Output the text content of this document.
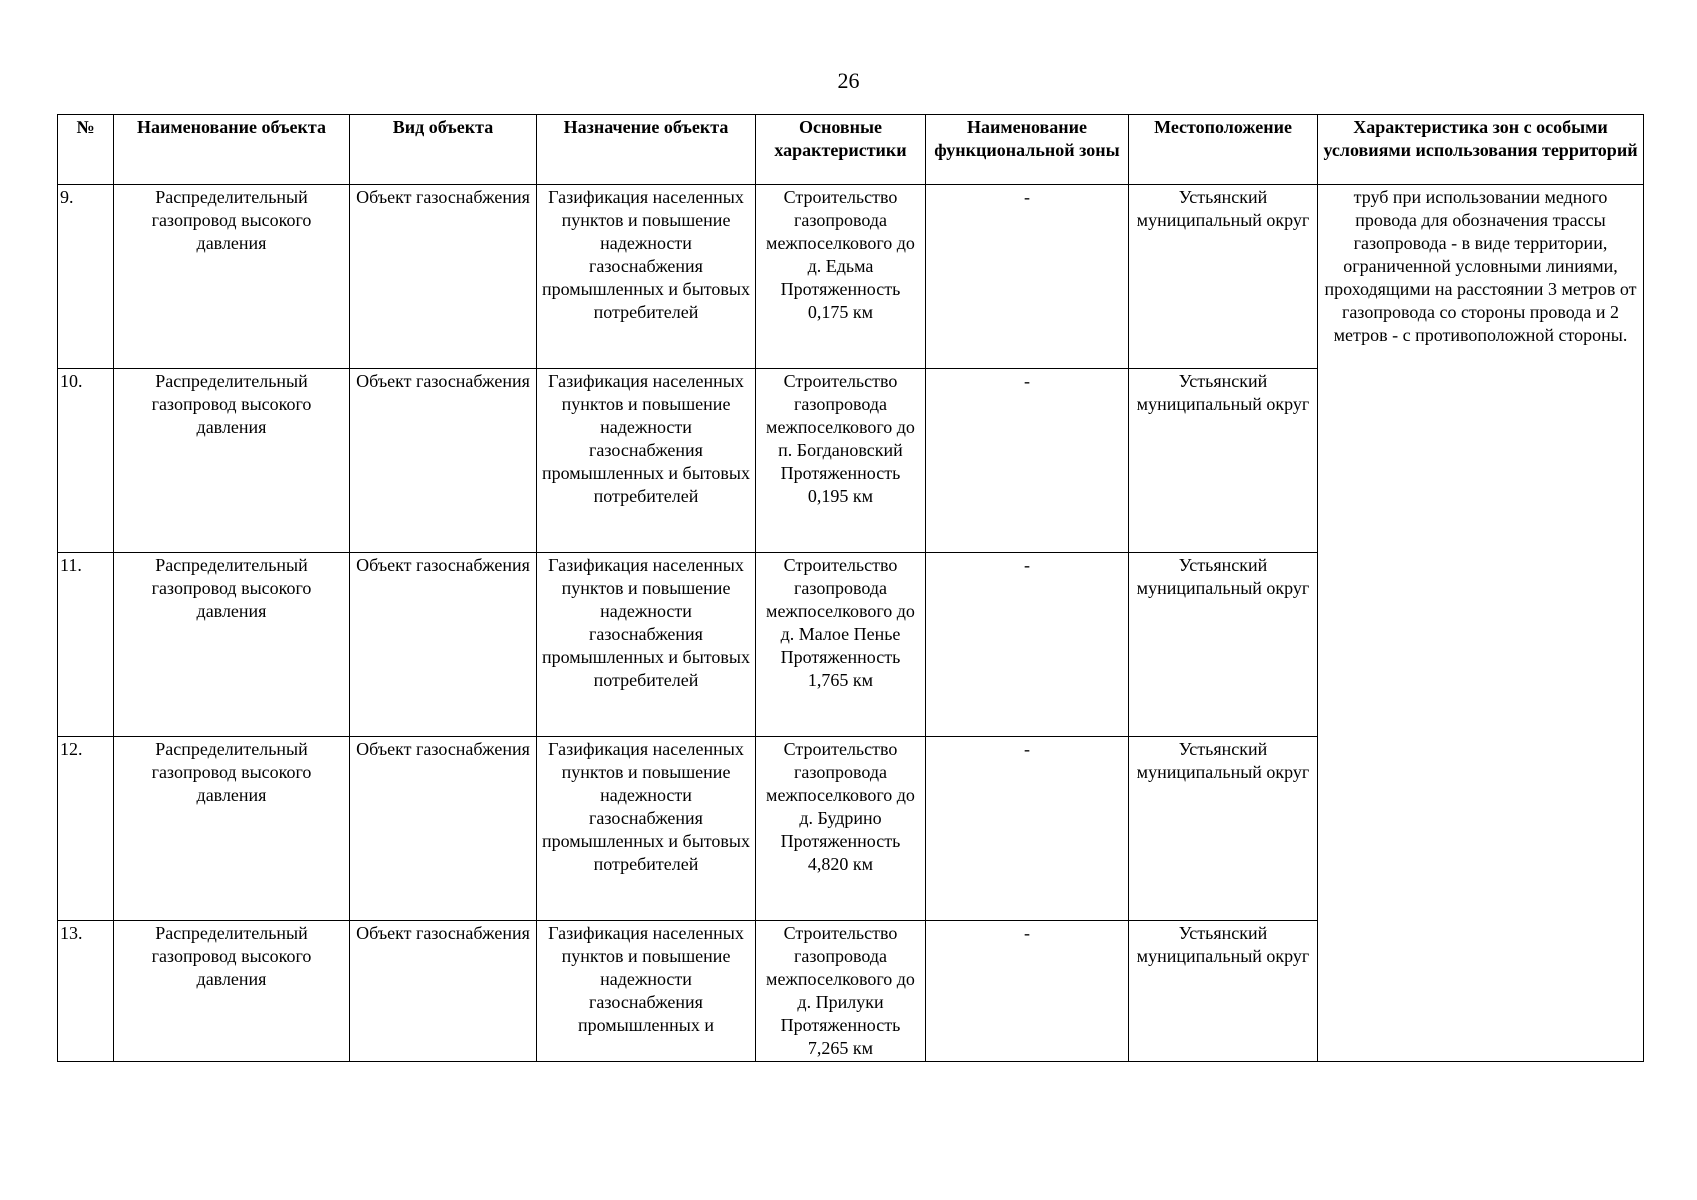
26
№	Наименование объекта	Вид объекта	Назначение объекта	Основные характеристики	Наименование функциональной зоны	Местоположение	Характеристика зон с особыми условиями использования территорий
9.	Распределительный газопровод высокого давления	Объект газоснабжения	Газификация населенных пунктов и повышение надежности газоснабжения промышленных и бытовых потребителей	Строительство газопровода межпоселкового до д. Едьма Протяженность 0,175 км	-	Устьянский муниципальный округ	труб при использовании медного провода для обозначения трассы газопровода - в виде территории, ограниченной условными линиями, проходящими на расстоянии 3 метров от газопровода со стороны провода и 2 метров - с противоположной стороны.
10.	Распределительный газопровод высокого давления	Объект газоснабжения	Газификация населенных пунктов и повышение надежности газоснабжения промышленных и бытовых потребителей	Строительство газопровода межпоселкового до п. Богдановский Протяженность 0,195 км	-	Устьянский муниципальный округ	
11.	Распределительный газопровод высокого давления	Объект газоснабжения	Газификация населенных пунктов и повышение надежности газоснабжения промышленных и бытовых потребителей	Строительство газопровода межпоселкового до д. Малое Пенье Протяженность 1,765 км	-	Устьянский муниципальный округ	
12.	Распределительный газопровод высокого давления	Объект газоснабжения	Газификация населенных пунктов и повышение надежности газоснабжения промышленных и бытовых потребителей	Строительство газопровода межпоселкового до д. Будрино Протяженность 4,820 км	-	Устьянский муниципальный округ	
13.	Распределительный газопровод высокого давления	Объект газоснабжения	Газификация населенных пунктов и повышение надежности газоснабжения промышленных и	Строительство газопровода межпоселкового до д. Прилуки Протяженность 7,265 км	-	Устьянский муниципальный округ	
